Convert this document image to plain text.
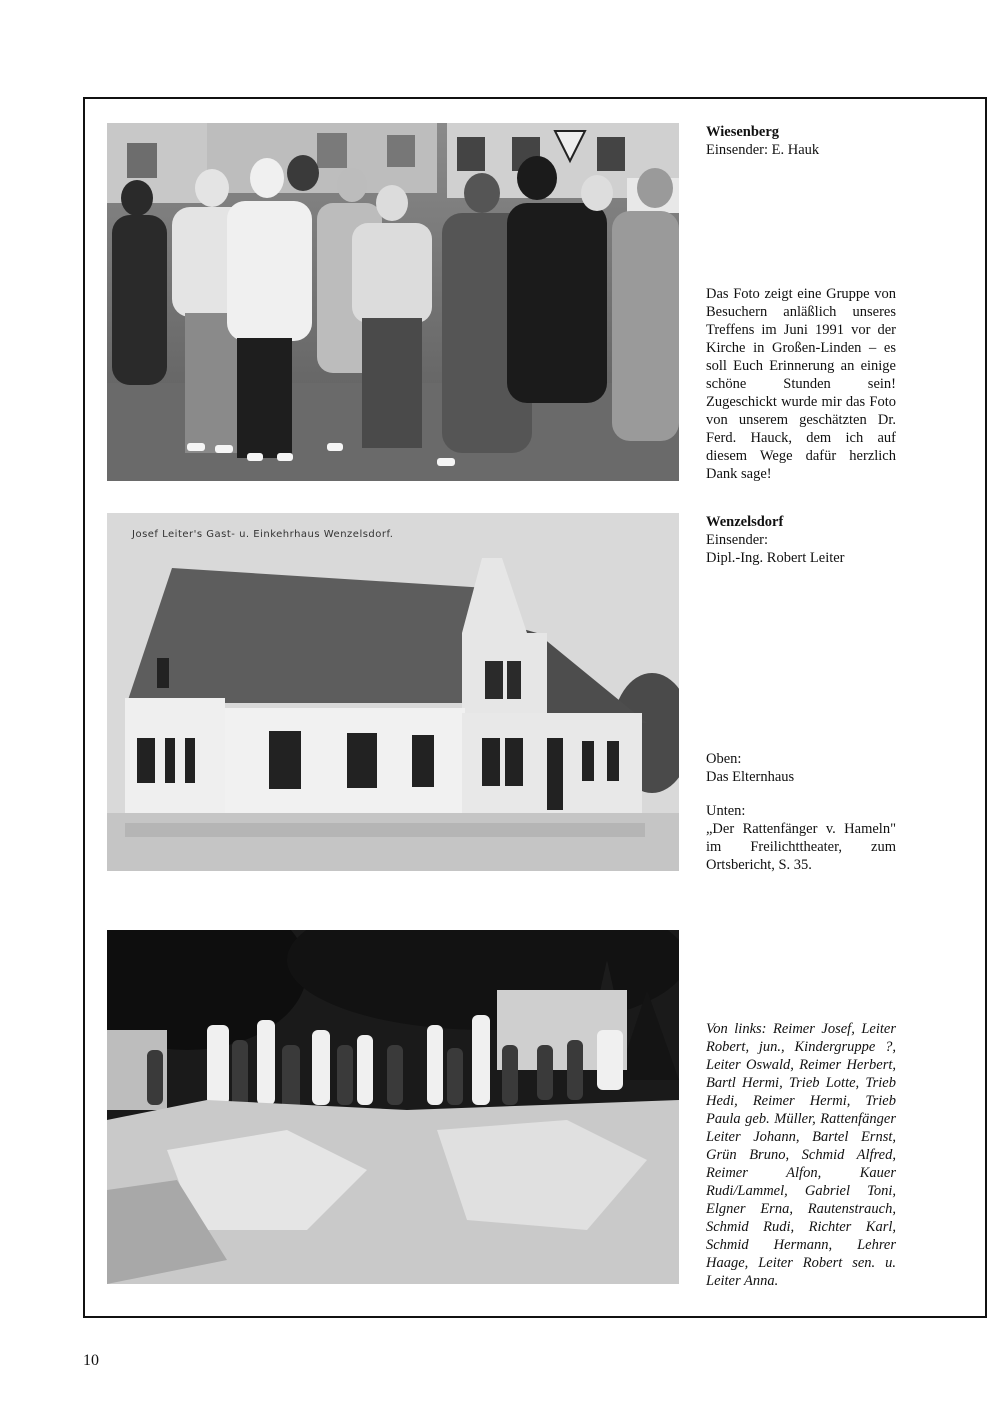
Wiesenberg
Einsender: E. Hauk
Das Foto zeigt eine Gruppe von Besuchern anläßlich unseres Treffens im Juni 1991 vor der Kirche in Großen-Linden – es soll Euch Erinnerung an einige schöne Stunden sein! Zugeschickt wurde mir das Foto von unserem geschätzten Dr. Ferd. Hauck, dem ich auf diesem Wege dafür herzlich Dank sage!
Josef Leiter's Gast- u. Einkehrhaus Wenzelsdorf.
Wenzelsdorf
Einsender:
Dipl.-Ing. Robert Leiter
Oben:
Das Elternhaus
Unten:
„Der Rattenfänger v. Hameln" im Freilichttheater, zum Ortsbericht, S. 35.
Von links: Reimer Josef, Leiter Robert, jun., Kindergruppe ?, Leiter Oswald, Reimer Herbert, Bartl Hermi, Trieb Lotte, Trieb Hedi, Reimer Hermi, Trieb Paula geb. Müller, Rattenfänger Leiter Johann, Bartel Ernst, Grün Bruno, Schmid Alfred, Reimer Alfon, Kauer Rudi/Lammel, Gabriel Toni, Elgner Erna, Rautenstrauch, Schmid Rudi, Richter Karl, Schmid Hermann, Lehrer Haage, Leiter Robert sen. u. Leiter Anna.
10
